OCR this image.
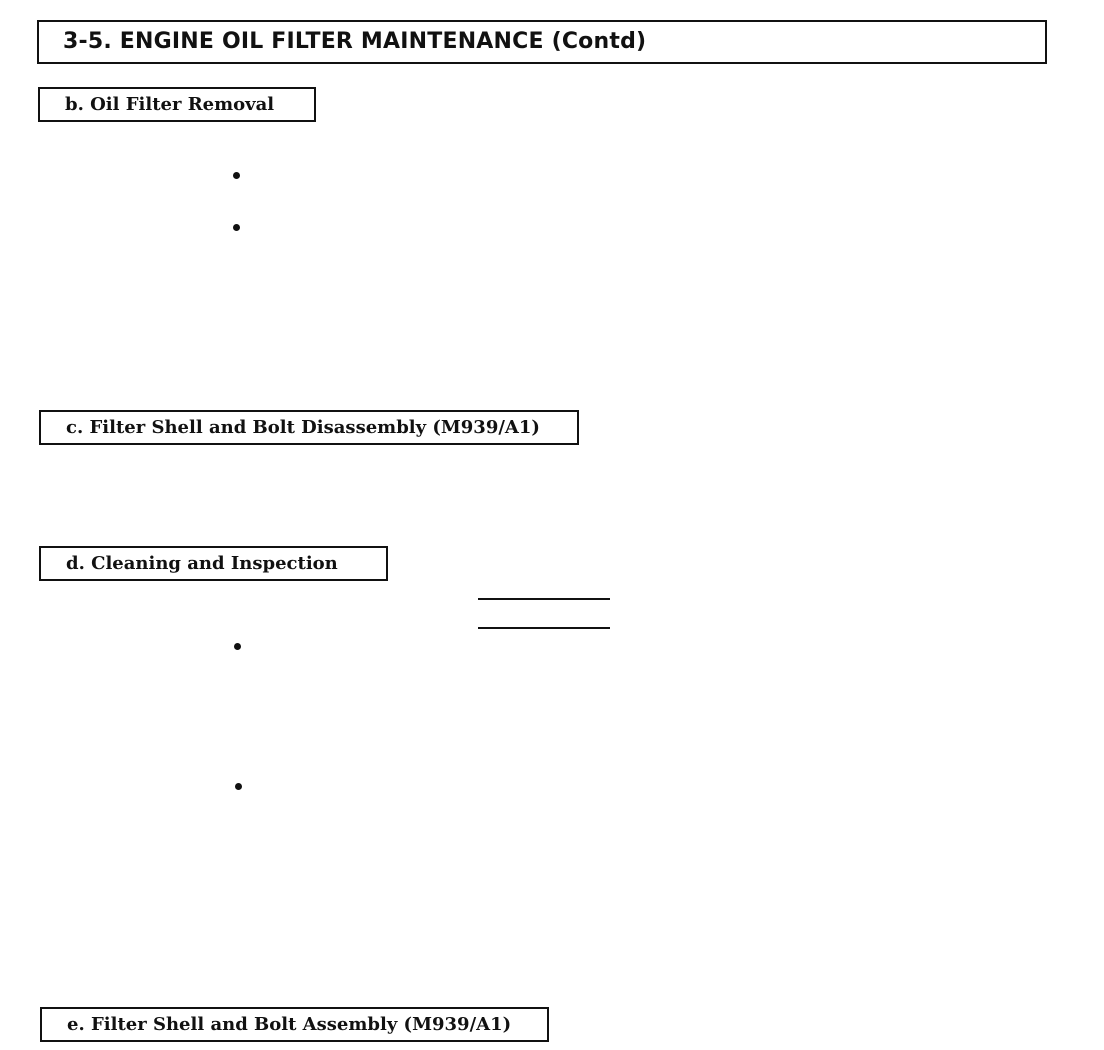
3-5. ENGINE OIL FILTER MAINTENANCE (Contd)
b. Oil Filter Removal
c. Filter Shell and Bolt Disassembly (M939/A1)
d. Cleaning and Inspection
e. Filter Shell and Bolt Assembly (M939/A1)
